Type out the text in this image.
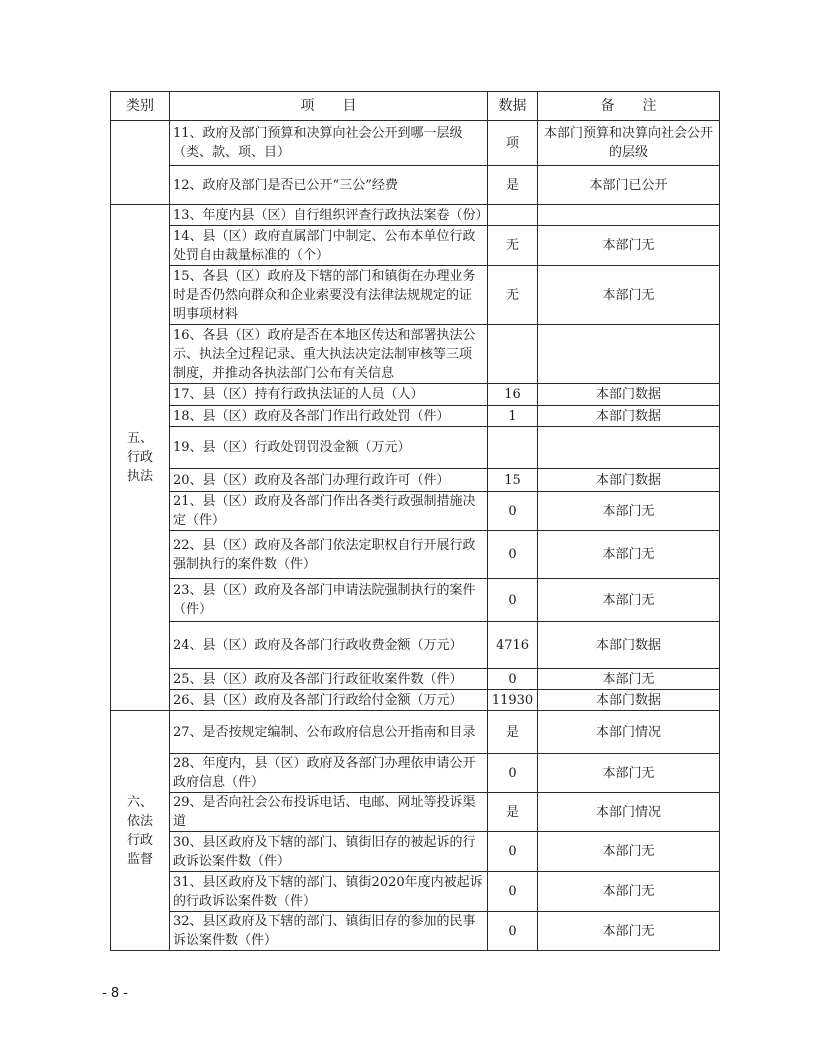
类别	项　　目	数据	备　　注
	11、政府及部门预算和决算向社会公开到哪一层级（类、款、项、目）	项	本部门预算和决算向社会公开的层级
	12、政府及部门是否已公开“三公”经费	是	本部门已公开
五、
行政
执法	13、年度内县（区）自行组织评查行政执法案卷（份）		
	14、县（区）政府直属部门中制定、公布本单位行政处罚自由裁量标准的（个）	无	本部门无
	15、各县（区）政府及下辖的部门和镇街在办理业务时是否仍然向群众和企业索要没有法律法规规定的证明事项材料	无	本部门无
	16、各县（区）政府是否在本地区传达和部署执法公示、执法全过程记录、重大执法决定法制审核等三项制度，并推动各执法部门公布有关信息		
	17、县（区）持有行政执法证的人员（人）	16	本部门数据
	18、县（区）政府及各部门作出行政处罚（件）	1	本部门数据
	19、县（区）行政处罚罚没金额（万元）		
	20、县（区）政府及各部门办理行政许可（件）	15	本部门数据
	21、县（区）政府及各部门作出各类行政强制措施决定（件）	0	本部门无
	22、县（区）政府及各部门依法定职权自行开展行政强制执行的案件数（件）	0	本部门无
	23、县（区）政府及各部门申请法院强制执行的案件（件）	0	本部门无
	24、县（区）政府及各部门行政收费金额（万元）	4716	本部门数据
	25、县（区）政府及各部门行政征收案件数（件）	0	本部门无
	26、县（区）政府及各部门行政给付金额（万元）	11930	本部门数据
六、
依法
行政
监督	27、是否按规定编制、公布政府信息公开指南和目录	是	本部门情况
	28、年度内，县（区）政府及各部门办理依申请公开政府信息（件）	0	本部门无
	29、是否向社会公布投诉电话、电邮、网址等投诉渠道	是	本部门情况
	30、县区政府及下辖的部门、镇街旧存的被起诉的行政诉讼案件数（件）	0	本部门无
	31、县区政府及下辖的部门、镇街2020年度内被起诉的行政诉讼案件数（件）	0	本部门无
	32、县区政府及下辖的部门、镇街旧存的参加的民事诉讼案件数（件）	0	本部门无
- 8 -
